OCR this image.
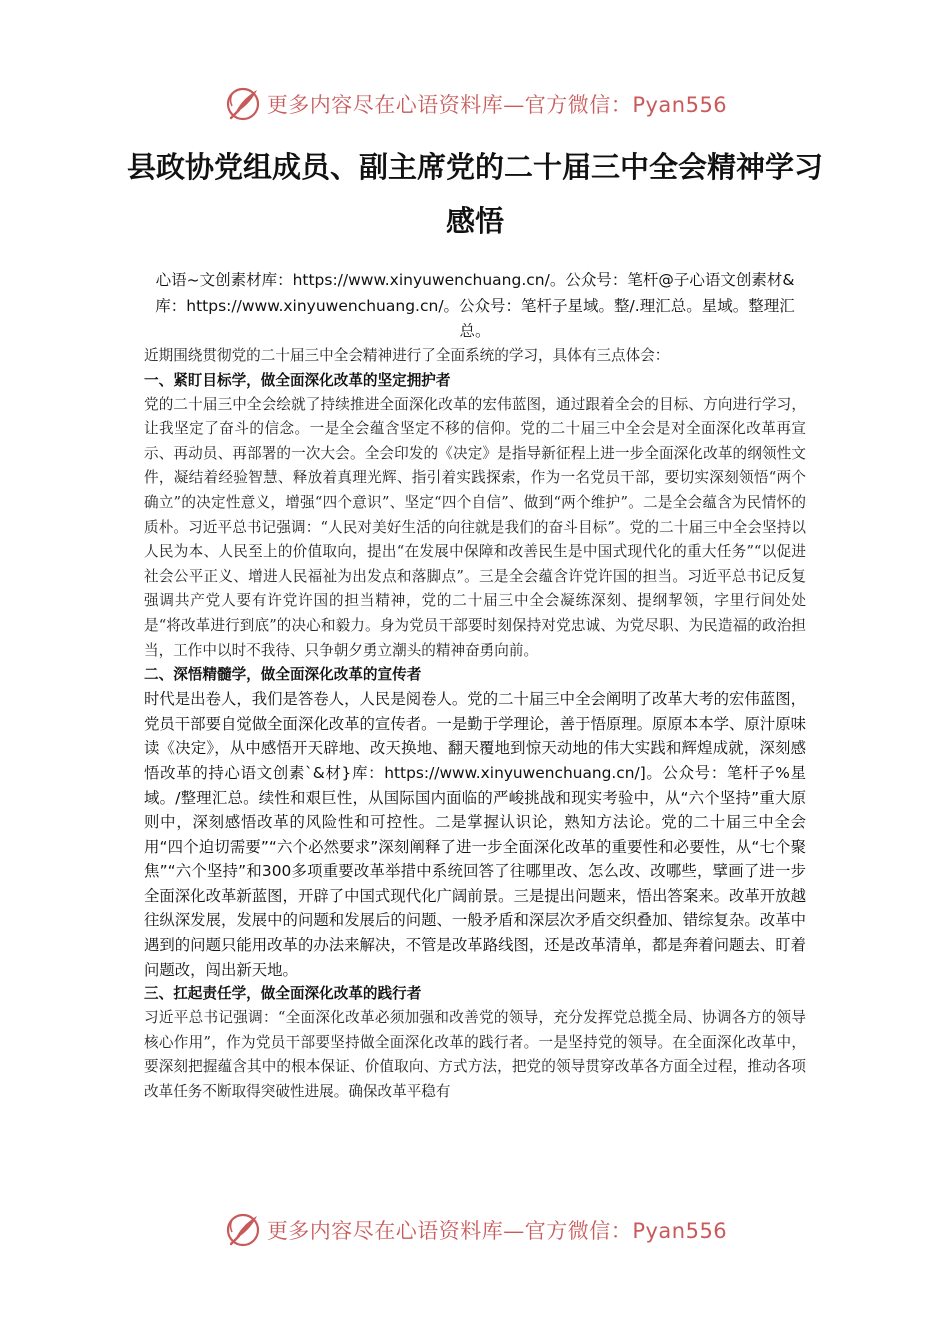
更多内容尽在心语资料库—官方微信：Pyan556
县政协党组成员、副主席党的二十届三中全会精神学习感悟
心语~文创素材库：https://www.xinyuwenchuang.cn/。公众号：笔杆@子心语文创素材&库：https://www.xinyuwenchuang.cn/。公众号：笔杆子星域。整/.理汇总。星域。整理汇总。

近期围绕贯彻党的二十届三中全会精神进行了全面系统的学习，具体有三点体会：

一、紧盯目标学，做全面深化改革的坚定拥护者

党的二十届三中全会绘就了持续推进全面深化改革的宏伟蓝图，通过跟着全会的目标、方向进行学习，让我坚定了奋斗的信念。一是全会蕴含坚定不移的信仰。党的二十届三中全会是对全面深化改革再宣示、再动员、再部署的一次大会。全会印发的《决定》是指导新征程上进一步全面深化改革的纲领性文件，凝结着经验智慧、释放着真理光辉、指引着实践探索，作为一名党员干部，要切实深刻领悟“两个确立”的决定性意义，增强“四个意识”、坚定“四个自信”、做到“两个维护”。二是全会蕴含为民情怀的质朴。习近平总书记强调：“人民对美好生活的向往就是我们的奋斗目标”。党的二十届三中全会坚持以人民为本、人民至上的价值取向，提出“在发展中保障和改善民生是中国式现代化的重大任务”“以促进社会公平正义、增进人民福祉为出发点和落脚点”。三是全会蕴含许党许国的担当。习近平总书记反复强调共产党人要有许党许国的担当精神，党的二十届三中全会凝练深刻、提纲挈领，字里行间处处是“将改革进行到底”的决心和毅力。身为党员干部要时刻保持对党忠诚、为党尽职、为民造福的政治担当，工作中以时不我待、只争朝夕勇立潮头的精神奋勇向前。

二、深悟精髓学，做全面深化改革的宣传者

时代是出卷人，我们是答卷人，人民是阅卷人。党的二十届三中全会阐明了改革大考的宏伟蓝图，党员干部要自觉做全面深化改革的宣传者。一是勤于学理论，善于悟原理。原原本本学、原汁原味读《决定》，从中感悟开天辟地、改天换地、翻天覆地到惊天动地的伟大实践和辉煌成就，深刻感悟改革的持心语文创素`&材}库：https://www.xinyuwenchuang.cn/]。公众号：笔杆子%星域。/整理汇总。续性和艰巨性，从国际国内面临的严峻挑战和现实考验中，从“六个坚持”重大原则中，深刻感悟改革的风险性和可控性。二是掌握认识论，熟知方法论。党的二十届三中全会用“四个迫切需要”“六个必然要求”深刻阐释了进一步全面深化改革的重要性和必要性，从“七个聚焦”“六个坚持”和300多项重要改革举措中系统回答了往哪里改、怎么改、改哪些，擘画了进一步全面深化改革新蓝图，开辟了中国式现代化广阔前景。三是提出问题来，悟出答案来。改革开放越往纵深发展，发展中的问题和发展后的问题、一般矛盾和深层次矛盾交织叠加、错综复杂。改革中遇到的问题只能用改革的办法来解决，不管是改革路线图，还是改革清单，都是奔着问题去、盯着问题改，闯出新天地。

三、扛起责任学，做全面深化改革的践行者

习近平总书记强调：“全面深化改革必须加强和改善党的领导，充分发挥党总揽全局、协调各方的领导核心作用”，作为党员干部要坚持做全面深化改革的践行者。一是坚持党的领导。在全面深化改革中，要深刻把握蕴含其中的根本保证、价值取向、方式方法，把党的领导贯穿改革各方面全过程，推动各项改革任务不断取得突破性进展。确保改革平稳有

更多内容尽在心语资料库—官方微信：Pyan556
